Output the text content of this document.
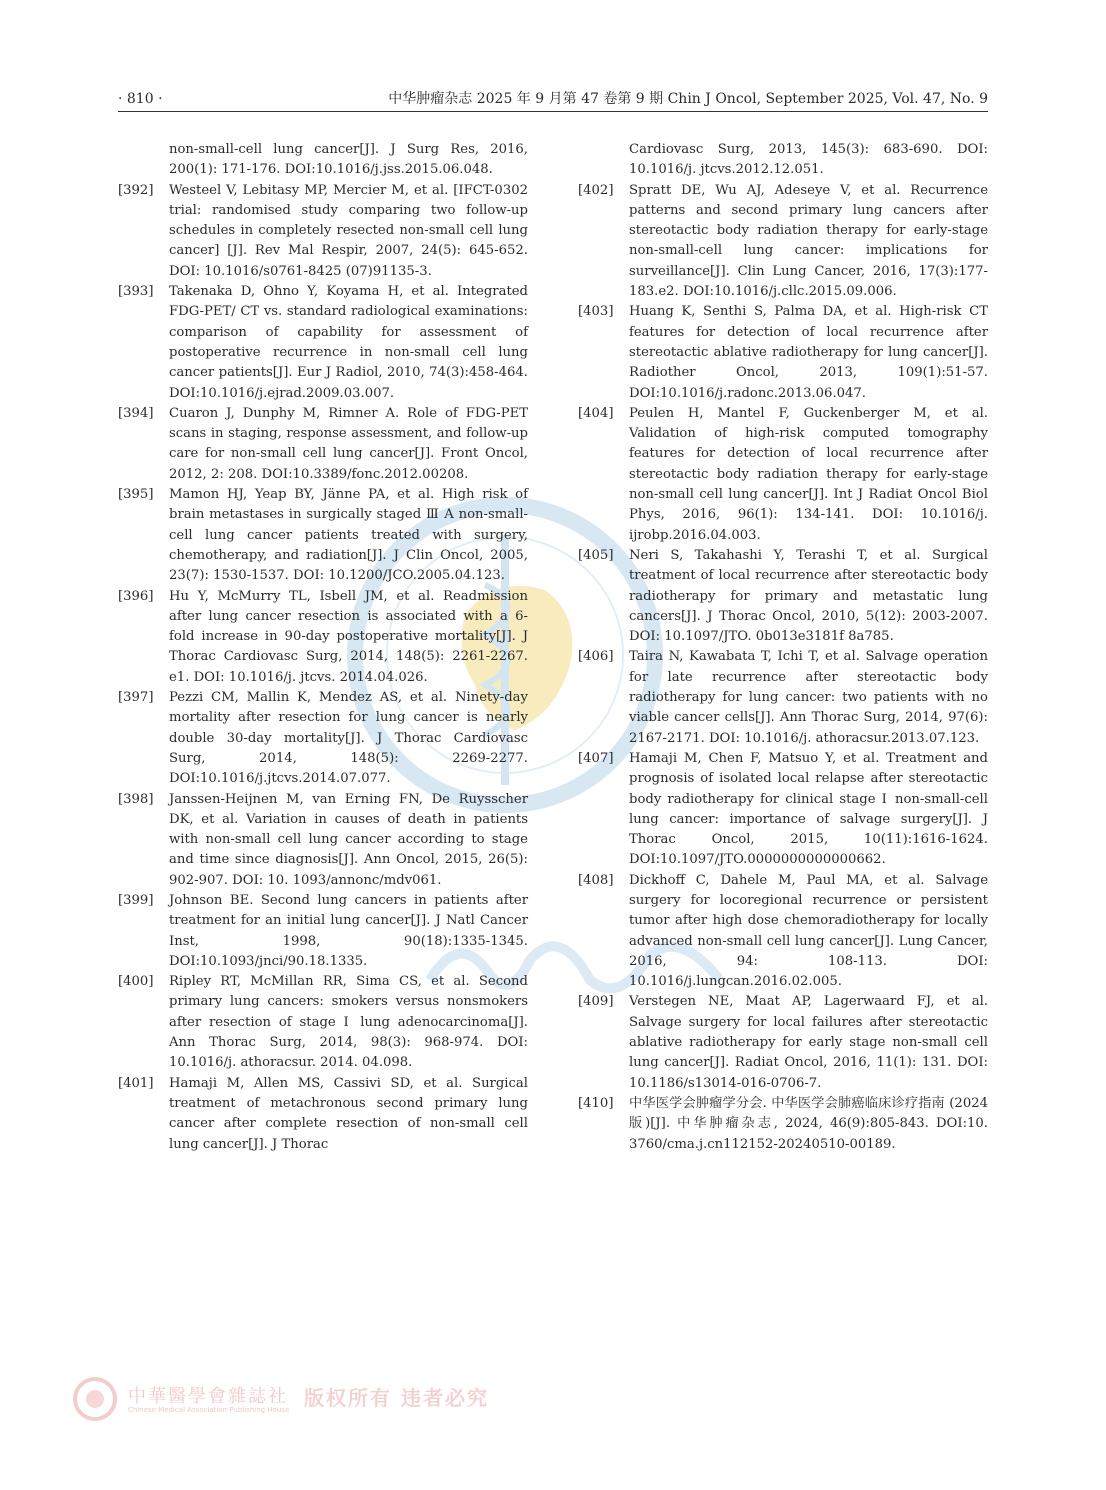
· 810 ·	中华肿瘤杂志 2025 年 9 月第 47 卷第 9 期 Chin J Oncol, September 2025, Vol. 47, No. 9
non-small-cell lung cancer[J]. J Surg Res, 2016, 200(1): 171-176. DOI:10.1016/j.jss.2015.06.048.
[392] Westeel V, Lebitasy MP, Mercier M, et al. [IFCT-0302 trial: randomised study comparing two follow-up schedules in completely resected non-small cell lung cancer] [J]. Rev Mal Respir, 2007, 24(5): 645-652. DOI: 10.1016/s0761-8425 (07)91135-3.
[393] Takenaka D, Ohno Y, Koyama H, et al. Integrated FDG-PET/ CT vs. standard radiological examinations: comparison of capability for assessment of postoperative recurrence in non-small cell lung cancer patients[J]. Eur J Radiol, 2010, 74(3):458-464. DOI:10.1016/j.ejrad.2009.03.007.
[394] Cuaron J, Dunphy M, Rimner A. Role of FDG-PET scans in staging, response assessment, and follow-up care for non-small cell lung cancer[J]. Front Oncol, 2012, 2: 208. DOI:10.3389/fonc.2012.00208.
[395] Mamon HJ, Yeap BY, Jänne PA, et al. High risk of brain metastases in surgically staged Ⅲ A non-small-cell lung cancer patients treated with surgery, chemotherapy, and radiation[J]. J Clin Oncol, 2005, 23(7): 1530-1537. DOI: 10.1200/JCO.2005.04.123.
[396] Hu Y, McMurry TL, Isbell JM, et al. Readmission after lung cancer resection is associated with a 6-fold increase in 90-day postoperative mortality[J]. J Thorac Cardiovasc Surg, 2014, 148(5): 2261-2267. e1. DOI: 10.1016/j. jtcvs. 2014.04.026.
[397] Pezzi CM, Mallin K, Mendez AS, et al. Ninety-day mortality after resection for lung cancer is nearly double 30-day mortality[J]. J Thorac Cardiovasc Surg, 2014, 148(5): 2269-2277. DOI:10.1016/j.jtcvs.2014.07.077.
[398] Janssen-Heijnen M, van Erning FN, De Ruysscher DK, et al. Variation in causes of death in patients with non-small cell lung cancer according to stage and time since diagnosis[J]. Ann Oncol, 2015, 26(5): 902-907. DOI: 10. 1093/annonc/mdv061.
[399] Johnson BE. Second lung cancers in patients after treatment for an initial lung cancer[J]. J Natl Cancer Inst, 1998, 90(18):1335-1345. DOI:10.1093/jnci/90.18.1335.
[400] Ripley RT, McMillan RR, Sima CS, et al. Second primary lung cancers: smokers versus nonsmokers after resection of stage Ⅰ lung adenocarcinoma[J]. Ann Thorac Surg, 2014, 98(3): 968-974. DOI: 10.1016/j. athoracsur. 2014. 04.098.
[401] Hamaji M, Allen MS, Cassivi SD, et al. Surgical treatment of metachronous second primary lung cancer after complete resection of non-small cell lung cancer[J]. J Thorac
Cardiovasc Surg, 2013, 145(3): 683-690. DOI: 10.1016/j. jtcvs.2012.12.051.
[402] Spratt DE, Wu AJ, Adeseye V, et al. Recurrence patterns and second primary lung cancers after stereotactic body radiation therapy for early-stage non-small-cell lung cancer: implications for surveillance[J]. Clin Lung Cancer, 2016, 17(3):177-183.e2. DOI:10.1016/j.cllc.2015.09.006.
[403] Huang K, Senthi S, Palma DA, et al. High-risk CT features for detection of local recurrence after stereotactic ablative radiotherapy for lung cancer[J]. Radiother Oncol, 2013, 109(1):51-57. DOI:10.1016/j.radonc.2013.06.047.
[404] Peulen H, Mantel F, Guckenberger M, et al. Validation of high-risk computed tomography features for detection of local recurrence after stereotactic body radiation therapy for early-stage non-small cell lung cancer[J]. Int J Radiat Oncol Biol Phys, 2016, 96(1): 134-141. DOI: 10.1016/j. ijrobp.2016.04.003.
[405] Neri S, Takahashi Y, Terashi T, et al. Surgical treatment of local recurrence after stereotactic body radiotherapy for primary and metastatic lung cancers[J]. J Thorac Oncol, 2010, 5(12): 2003-2007. DOI: 10.1097/JTO. 0b013e3181f 8a785.
[406] Taira N, Kawabata T, Ichi T, et al. Salvage operation for late recurrence after stereotactic body radiotherapy for lung cancer: two patients with no viable cancer cells[J]. Ann Thorac Surg, 2014, 97(6): 2167-2171. DOI: 10.1016/j. athoracsur.2013.07.123.
[407] Hamaji M, Chen F, Matsuo Y, et al. Treatment and prognosis of isolated local relapse after stereotactic body radiotherapy for clinical stage Ⅰ non-small-cell lung cancer: importance of salvage surgery[J]. J Thorac Oncol, 2015, 10(11):1616-1624. DOI:10.1097/JTO.0000000000000662.
[408] Dickhoff C, Dahele M, Paul MA, et al. Salvage surgery for locoregional recurrence or persistent tumor after high dose chemoradiotherapy for locally advanced non-small cell lung cancer[J]. Lung Cancer, 2016, 94: 108-113. DOI: 10.1016/j.lungcan.2016.02.005.
[409] Verstegen NE, Maat AP, Lagerwaard FJ, et al. Salvage surgery for local failures after stereotactic ablative radiotherapy for early stage non-small cell lung cancer[J]. Radiat Oncol, 2016, 11(1): 131. DOI: 10.1186/s13014-016-0706-7.
[410] 中华医学会肿瘤学分会. 中华医学会肺癌临床诊疗指南 (2024 版)[J]. 中华肿瘤杂志, 2024, 46(9):805-843. DOI:10. 3760/cma.j.cn112152-20240510-00189.
中華醫學會雜誌社
Chinese Medical Association Publishing House 版权所有 违者必究
